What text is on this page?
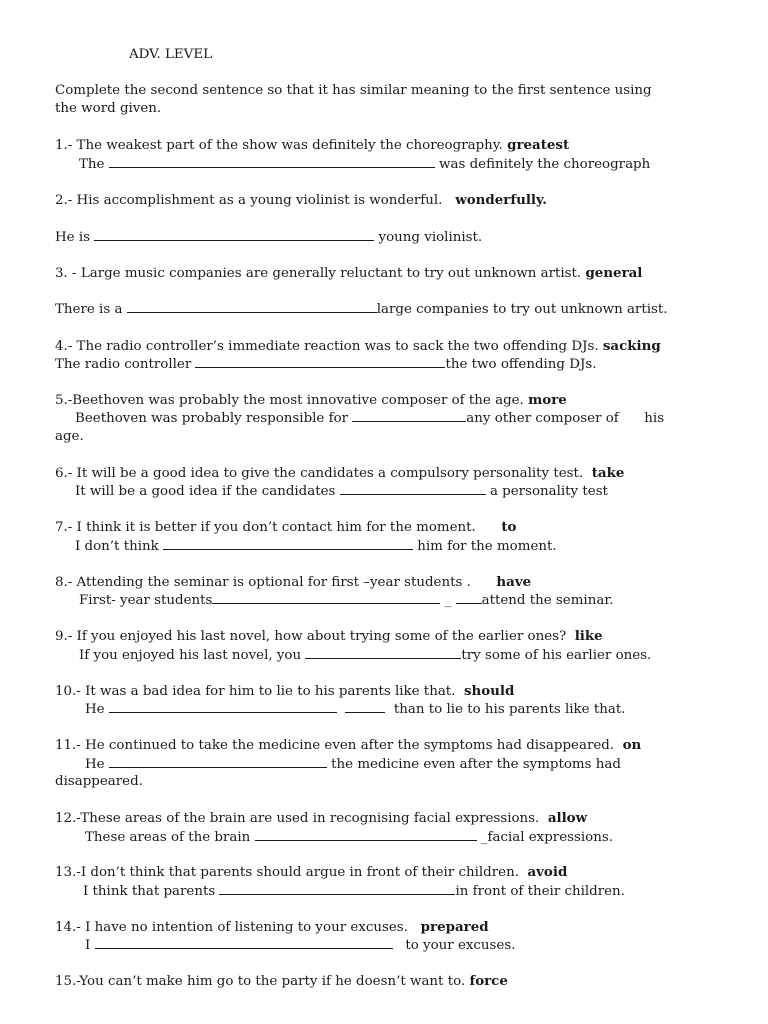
ADV. LEVEL
Complete the second sentence so that it has similar meaning to the first sentence using the word given.
1.- The weakest part of the show was definitely the choreography. greatest
The	was definitely the choreograph
2.- His accomplishment as a young violinist is wonderful. wonderfully.
He is	young violinist.
3. - Large music companies are generally reluctant to try out unknown artist. general
There is a	large companies to try out unknown artist.
4.- The radio controller’s immediate reaction was to sack the two offending DJs. sacking
The radio controller	the two offending DJs.
5.-Beethoven was probably the most innovative composer of the age. more
Beethoven was probably responsible for	any other composer of his
age.
6.- It will be a good idea to give the candidates a compulsory personality test. take
It will be a good idea if the candidates	a personality test
7.- I think it is better if you don’t contact him for the moment. to
I don’t think	him for the moment.
8.- Attending the seminar is optional for first –year students . have
First- year students	_ attend the seminar.
9.- If you enjoyed his last novel, how about trying some of the earlier ones? like
If you enjoyed his last novel, you	try some of his earlier ones.
10.- It was a bad idea for him to lie to his parents like that. should
He	than to lie to his parents like that.
11.- He continued to take the medicine even after the symptoms had disappeared. on
He	the medicine even after the symptoms had
disappeared.
12.-These areas of the brain are used in recognising facial expressions. allow
These areas of the brain	_facial expressions.
13.-I don’t think that parents should argue in front of their children. avoid
I think that parents	in front of their children.
14.- I have no intention of listening to your excuses. prepared
I	to your excuses.
15.-You can’t make him go to the party if he doesn’t want to. force
